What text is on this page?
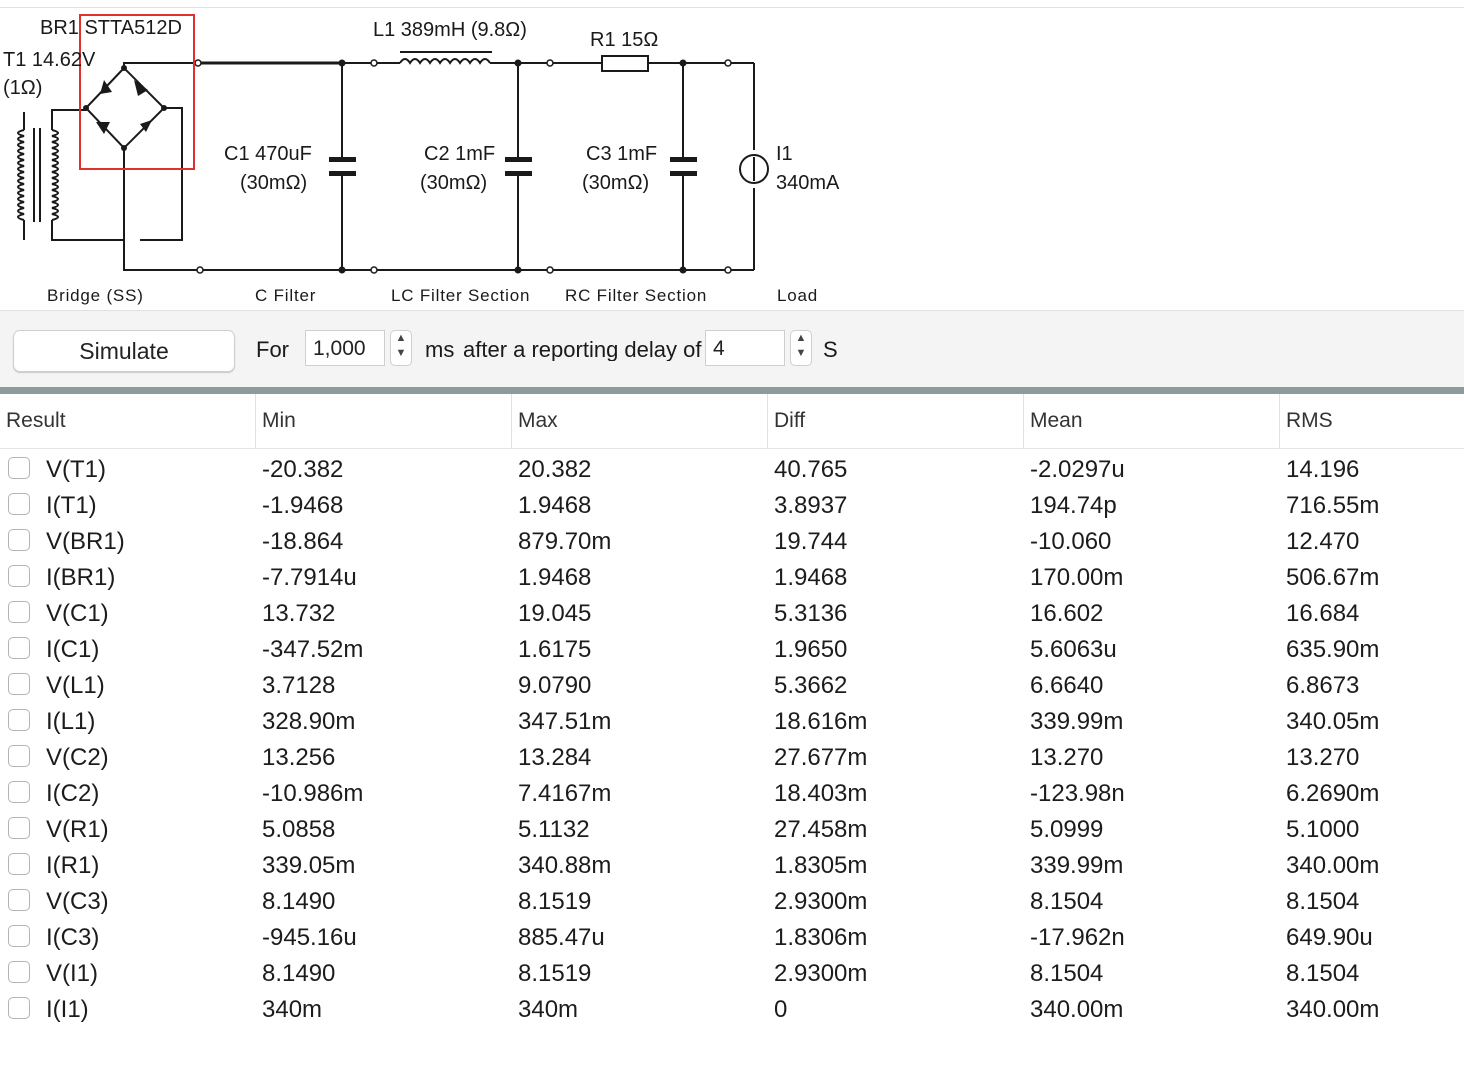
BR1 STTA512D
T1 14.62V
(1Ω)
L1 389mH (9.8Ω)	R1 15Ω
C1 470uF
(30mΩ)
C2 1mF
(30mΩ)
C3 1mF
(30mΩ)
I1
340mA
Bridge (SS)	C Filter	LC Filter Section RC Filter Section	Load
Simulate	For	1,000	▲
▼ ms after a reporting delay of 4	▲
▼ S
Result	Min	Max	Diff	Mean	RMS
V(T1)	-20.382	20.382	40.765	-2.0297u	14.196
I(T1)	-1.9468	1.9468	3.8937	194.74p	716.55m
V(BR1)	-18.864	879.70m	19.744	-10.060	12.470
I(BR1)	-7.7914u	1.9468	1.9468	170.00m	506.67m
V(C1)	13.732	19.045	5.3136	16.602	16.684
I(C1)	-347.52m	1.6175	1.9650	5.6063u	635.90m
V(L1)	3.7128	9.0790	5.3662	6.6640	6.8673
I(L1)	328.90m	347.51m	18.616m	339.99m	340.05m
V(C2)	13.256	13.284	27.677m	13.270	13.270
I(C2)	-10.986m	7.4167m	18.403m	-123.98n	6.2690m
V(R1)	5.0858	5.1132	27.458m	5.0999	5.1000
I(R1)	339.05m	340.88m	1.8305m	339.99m	340.00m
V(C3)	8.1490	8.1519	2.9300m	8.1504	8.1504
I(C3)	-945.16u	885.47u	1.8306m	-17.962n	649.90u
V(I1)	8.1490	8.1519	2.9300m	8.1504	8.1504
I(I1)	340m	340m	0	340.00m	340.00m
